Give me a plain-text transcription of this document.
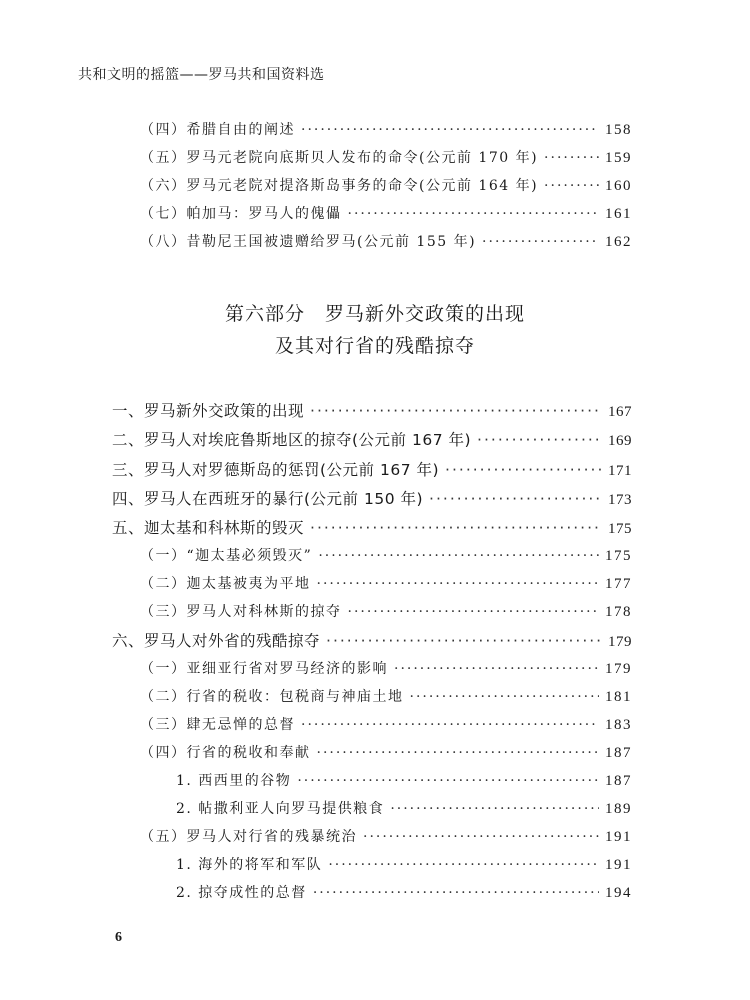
共和文明的摇篮——罗马共和国资料选
（四）希腊自由的阐述 ·····	158
（五）罗马元老院向底斯贝人发布的命令(公元前 170 年) ·····	159
（六）罗马元老院对提洛斯岛事务的命令(公元前 164 年) ·····	160
（七）帕加马：罗马人的傀儡 ·····	161
（八）昔勒尼王国被遗赠给罗马(公元前 155 年) ·····	162
第六部分　罗马新外交政策的出现
及其对行省的残酷掠夺
一、罗马新外交政策的出现 ·····	167
二、罗马人对埃庇鲁斯地区的掠夺(公元前 167 年) ·····	169
三、罗马人对罗德斯岛的惩罚(公元前 167 年) ·····	171
四、罗马人在西班牙的暴行(公元前 150 年) ·····	173
五、迦太基和科林斯的毁灭 ·····	175
（一）“迦太基必须毁灭” ·····	175
（二）迦太基被夷为平地 ·····	177
（三）罗马人对科林斯的掠夺 ·····	178
六、罗马人对外省的残酷掠夺 ·····	179
（一）亚细亚行省对罗马经济的影响 ·····	179
（二）行省的税收：包税商与神庙土地 ·····	181
（三）肆无忌惮的总督 ·····	183
（四）行省的税收和奉献 ·····	187
1. 西西里的谷物 ·····	187
2. 帖撒利亚人向罗马提供粮食 ·····	189
（五）罗马人对行省的残暴统治 ·····	191
1. 海外的将军和军队 ·····	191
2. 掠夺成性的总督 ·····	194
6
